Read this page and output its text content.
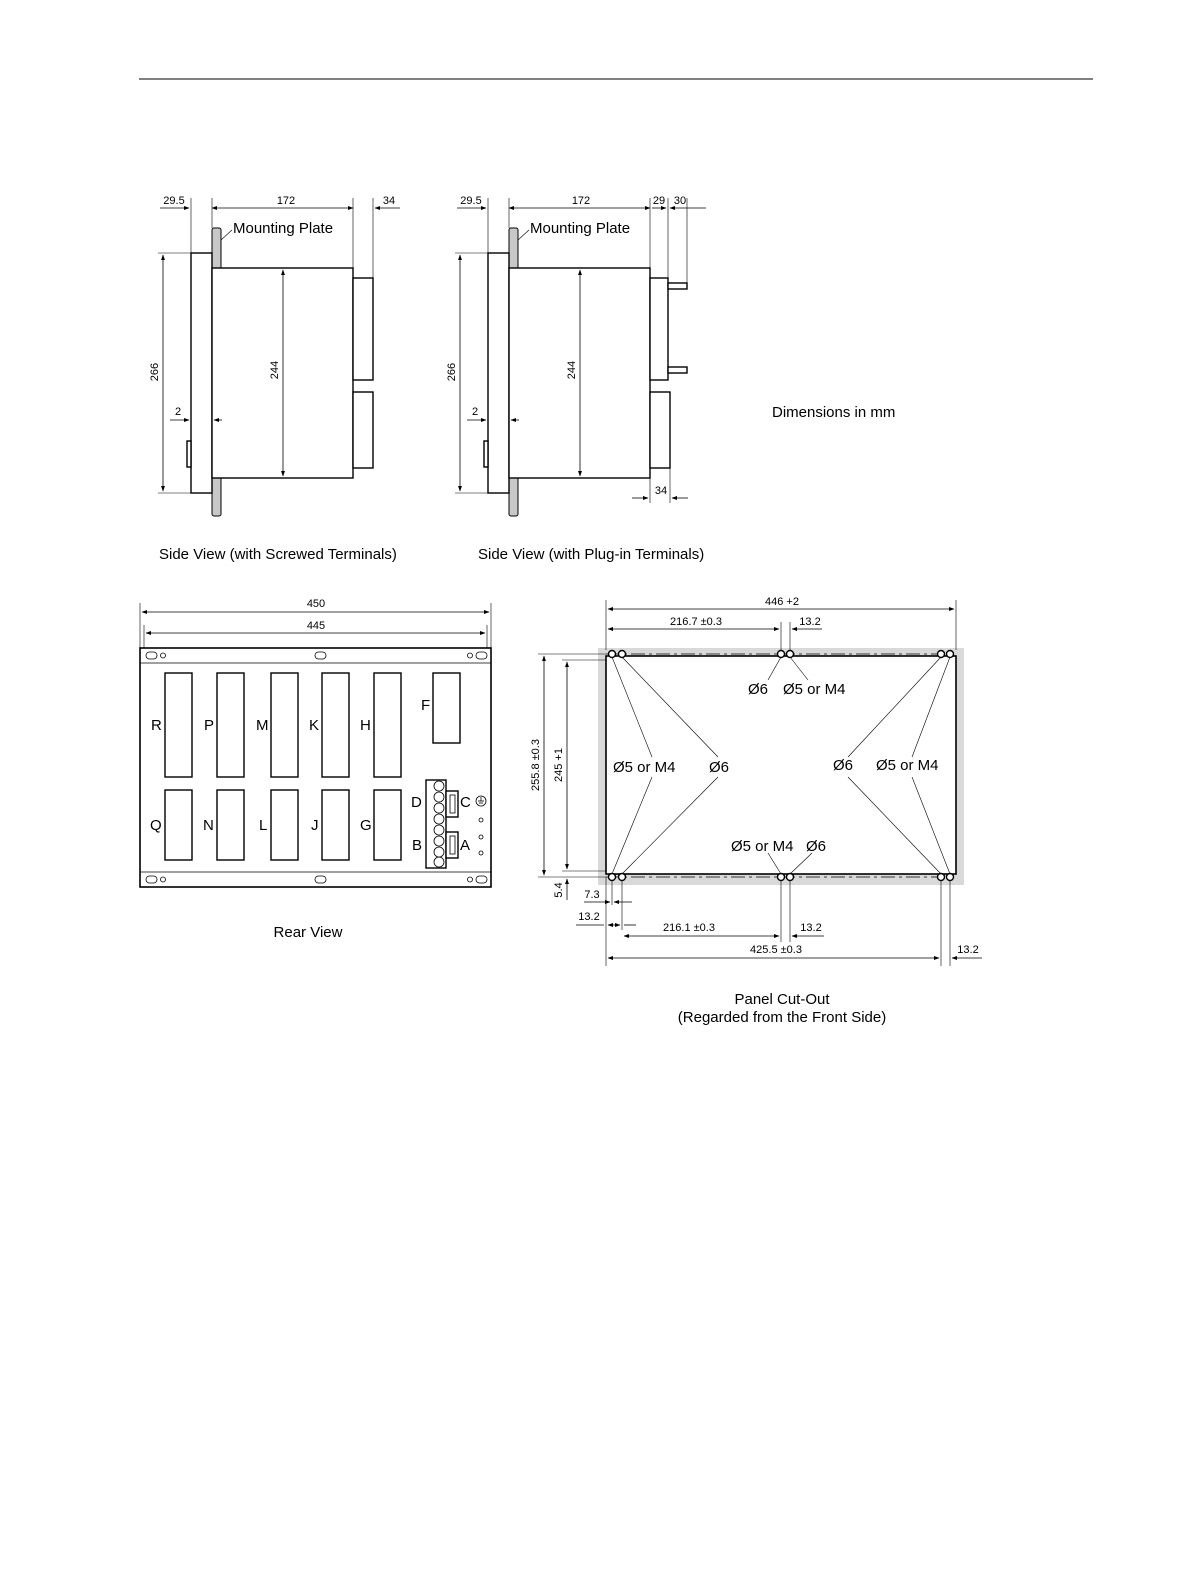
29.5	172	34
Mounting Plate
266	244
2
Side View (with Screwed Terminals)
29.5	172	29 30
Mounting Plate
266	244
2
34
Side View (with Plug-in Terminals)
Dimensions in mm
450
445
R	P	M	K	H
F
Q	N	L	J	G
D	C
B	A
Rear View
446 +2
216.7 ±0.3	13.2
255.8 ±0.3 245 +1
5.4 7.3
13.2
216.1 ±0.3	13.2
425.5 ±0.3	13.2
Ø6 Ø5 or M4
Ø5 or M4 Ø6	Ø6 Ø5 or M4
Ø5 or M4 Ø6
Panel Cut-Out
(Regarded from the Front Side)
